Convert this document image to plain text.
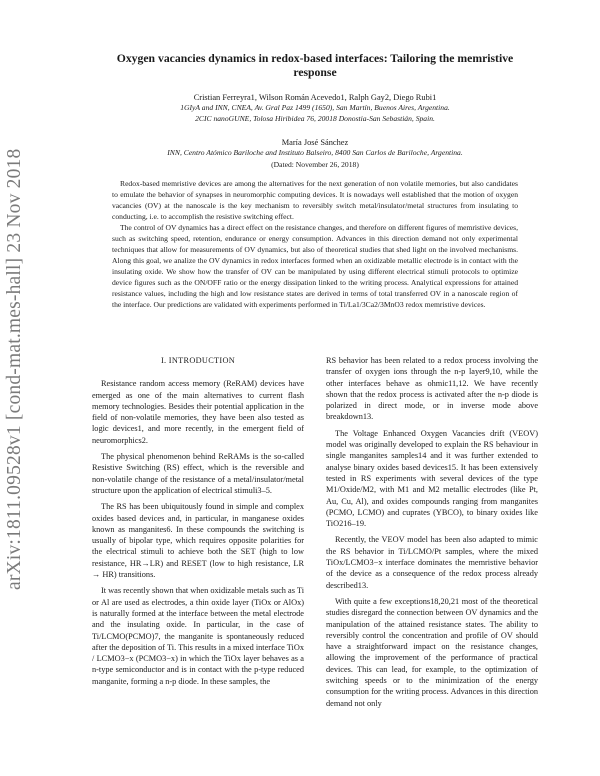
arXiv:1811.09528v1 [cond-mat.mes-hall] 23 Nov 2018
Oxygen vacancies dynamics in redox-based interfaces: Tailoring the memristive
response
Cristian Ferreyra1, Wilson Román Acevedo1, Ralph Gay2, Diego Rubi1
1GIyA and INN, CNEA, Av. Gral Paz 1499 (1650), San Martín, Buenos Aires, Argentina.
2CIC nanoGUNE, Tolosa Hiribidea 76, 20018 Donostia-San Sebastián, Spain.
María José Sánchez
INN, Centro Atómico Bariloche and Instituto Balseiro, 8400 San Carlos de Bariloche, Argentina.
(Dated: November 26, 2018)

Redox-based memristive devices are among the alternatives for the next generation of non volatile memories, but also candidates to emulate the behavior of synapses in neuromorphic computing devices. It is nowadays well established that the motion of oxygen vacancies (OV) at the nanoscale is the key mechanism to reversibly switch metal/insulator/metal structures from insulating to conducting, i.e. to accomplish the resistive switching effect.

The control of OV dynamics has a direct effect on the resistance changes, and therefore on different figures of memristive devices, such as switching speed, retention, endurance or energy consumption. Advances in this direction demand not only experimental techniques that allow for measurements of OV dynamics, but also of theoretical studies that shed light on the involved mechanisms. Along this goal, we analize the OV dynamics in redox interfaces formed when an oxidizable metallic electrode is in contact with the insulating oxide. We show how the transfer of OV can be manipulated by using different electrical stimuli protocols to optimize device figures such as the ON/OFF ratio or the energy dissipation linked to the writing process. Analytical expressions for attained resistance values, including the high and low resistance states are derived in terms of total transferred OV in a nanoscale region of the interface. Our predictions are validated with experiments performed in Ti/La1/3Ca2/3MnO3 redox memristive devices.

I. INTRODUCTION

Resistance random access memory (ReRAM) devices have emerged as one of the main alternatives to current flash memory technologies. Besides their potential application in the field of non-volatile memories, they have been also tested as logic devices1, and more recently, in the emergent field of neuromorphics2.

The physical phenomenon behind ReRAMs is the so-called Resistive Switching (RS) effect, which is the reversible and non-volatile change of the resistance of a metal/insulator/metal structure upon the application of electrical stimuli3–5.

The RS has been ubiquitously found in simple and complex oxides based devices and, in particular, in manganese oxides known as manganites6. In these compounds the switching is usually of bipolar type, which requires opposite polarities for the electrical stimuli to achieve both the SET (high to low resistance, HR→LR) and RESET (low to high resistance, LR → HR) transitions.

It was recently shown that when oxidizable metals such as Ti or Al are used as electrodes, a thin oxide layer (TiOx or AlOx) is naturally formed at the interface between the metal electrode and the insulating oxide. In particular, in the case of Ti/LCMO(PCMO)7, the manganite is spontaneously reduced after the deposition of Ti. This results in a mixed interface TiOx / LCMO3−x (PCMO3−x) in which the TiOx layer behaves as a n-type semiconductor and is in contact with the p-type reduced manganite, forming a n-p diode. In these samples, the

RS behavior has been related to a redox process involving the transfer of oxygen ions through the n-p layer9,10, while the other interfaces behave as ohmic11,12. We have recently shown that the redox process is activated after the n-p diode is polarized in direct mode, or in inverse mode above breakdown13.

The Voltage Enhanced Oxygen Vacancies drift (VEOV) model was originally developed to explain the RS behaviour in single manganites samples14 and it was further extended to analyse binary oxides based devices15. It has been extensively tested in RS experiments with several devices of the type M1/Oxide/M2, with M1 and M2 metallic electrodes (like Pt, Au, Cu, Al), and oxides compounds ranging from manganites (PCMO, LCMO) and cuprates (YBCO), to binary oxides like TiO216–19.

Recently, the VEOV model has been also adapted to mimic the RS behavior in Ti/LCMO/Pt samples, where the mixed TiOx/LCMO3−x interface dominates the memristive behavior of the device as a consequence of the redox process already described13.

With quite a few exceptions18,20,21 most of the theoretical studies disregard the connection between OV dynamics and the manipulation of the attained resistance states. The ability to reversibly control the concentration and profile of OV should have a straightforward impact on the resistance changes, allowing the improvement of the performance of practical devices. This can lead, for example, to the optimization of switching speeds or to the minimization of the energy consumption for the writing process. Advances in this direction demand not only
